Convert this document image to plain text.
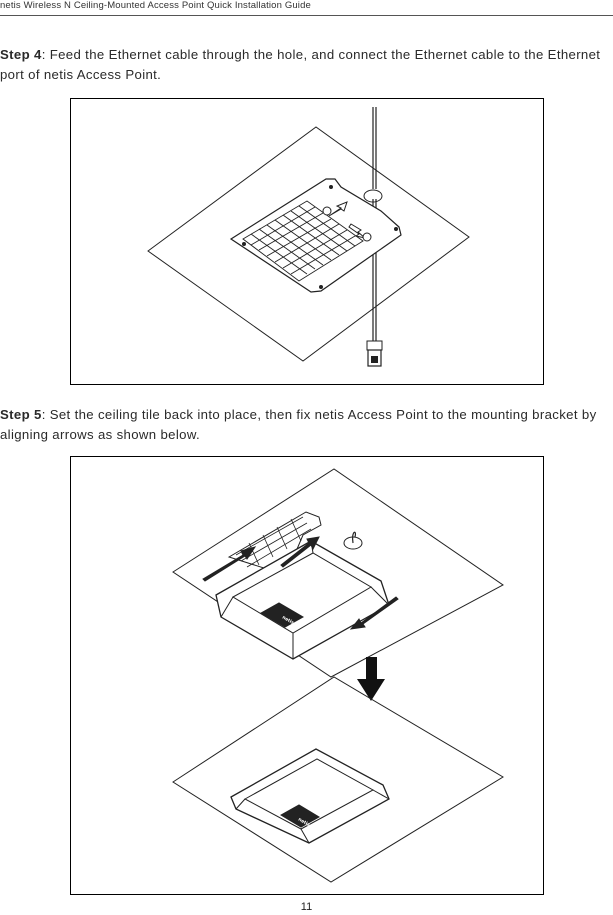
netis Wireless N Ceiling-Mounted Access Point Quick Installation Guide
Step 4: Feed the Ethernet cable through the hole, and connect the Ethernet cable to the Ethernet port of netis Access Point.
Step 5: Set the ceiling tile back into place, then fix netis Access Point to the mounting bracket by aligning arrows as shown below.
netis
netis
11
